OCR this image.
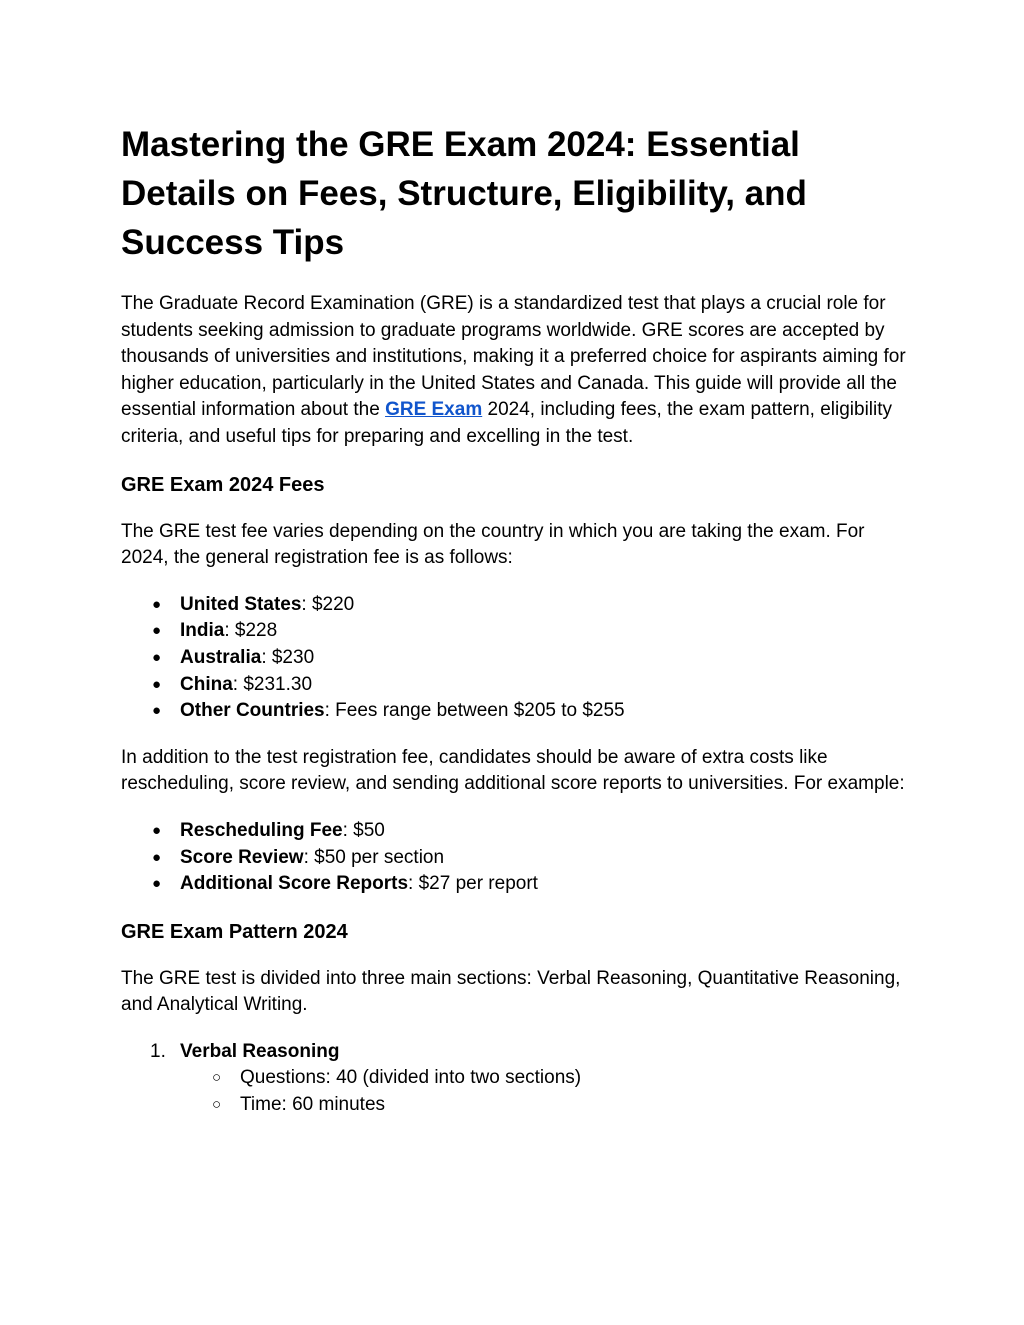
Mastering the GRE Exam 2024: Essential Details on Fees, Structure, Eligibility, and Success Tips

The Graduate Record Examination (GRE) is a standardized test that plays a crucial role for students seeking admission to graduate programs worldwide. GRE scores are accepted by thousands of universities and institutions, making it a preferred choice for aspirants aiming for higher education, particularly in the United States and Canada. This guide will provide all the essential information about the GRE Exam 2024, including fees, the exam pattern, eligibility criteria, and useful tips for preparing and excelling in the test.

GRE Exam 2024 Fees

The GRE test fee varies depending on the country in which you are taking the exam. For 2024, the general registration fee is as follows:

● United States: $220
● India: $228
● Australia: $230
● China: $231.30
● Other Countries: Fees range between $205 to $255

In addition to the test registration fee, candidates should be aware of extra costs like rescheduling, score review, and sending additional score reports to universities. For example:

● Rescheduling Fee: $50
● Score Review: $50 per section
● Additional Score Reports: $27 per report
GRE Exam Pattern 2024

The GRE test is divided into three main sections: Verbal Reasoning, Quantitative Reasoning, and Analytical Writing.

1. Verbal Reasoning
○ Questions: 40 (divided into two sections)
○ Time: 60 minutes
